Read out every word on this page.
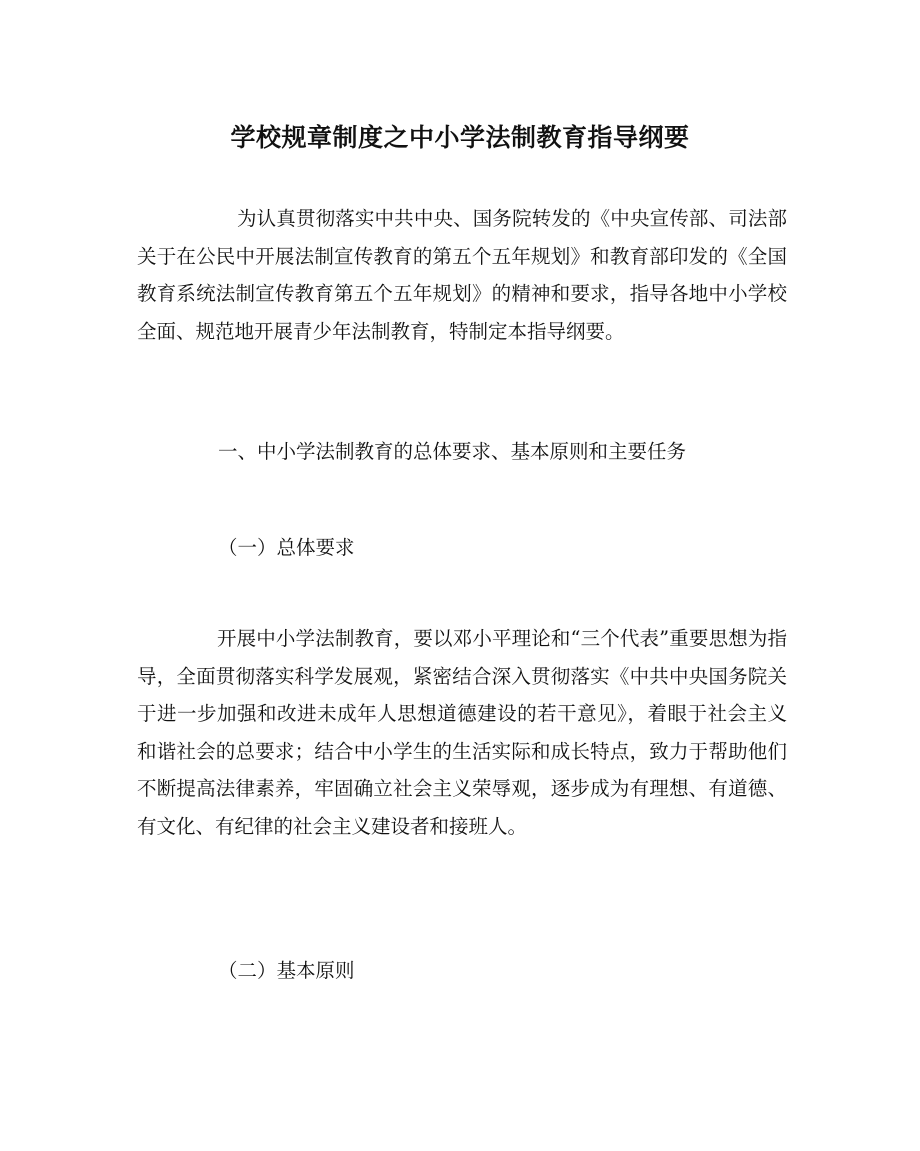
学校规章制度之中小学法制教育指导纲要

为认真贯彻落实中共中央、国务院转发的《中央宣传部、司法部关于在公民中开展法制宣传教育的第五个五年规划》和教育部印发的《全国教育系统法制宣传教育第五个五年规划》的精神和要求，指导各地中小学校全面、规范地开展青少年法制教育，特制定本指导纲要。

一、中小学法制教育的总体要求、基本原则和主要任务
（一）总体要求

开展中小学法制教育，要以邓小平理论和“三个代表”重要思想为指导，全面贯彻落实科学发展观，紧密结合深入贯彻落实《中共中央国务院关于进一步加强和改进未成年人思想道德建设的若干意见》，着眼于社会主义和谐社会的总要求；结合中小学生的生活实际和成长特点，致力于帮助他们不断提高法律素养，牢固确立社会主义荣辱观，逐步成为有理想、有道德、有文化、有纪律的社会主义建设者和接班人。

（二）基本原则
